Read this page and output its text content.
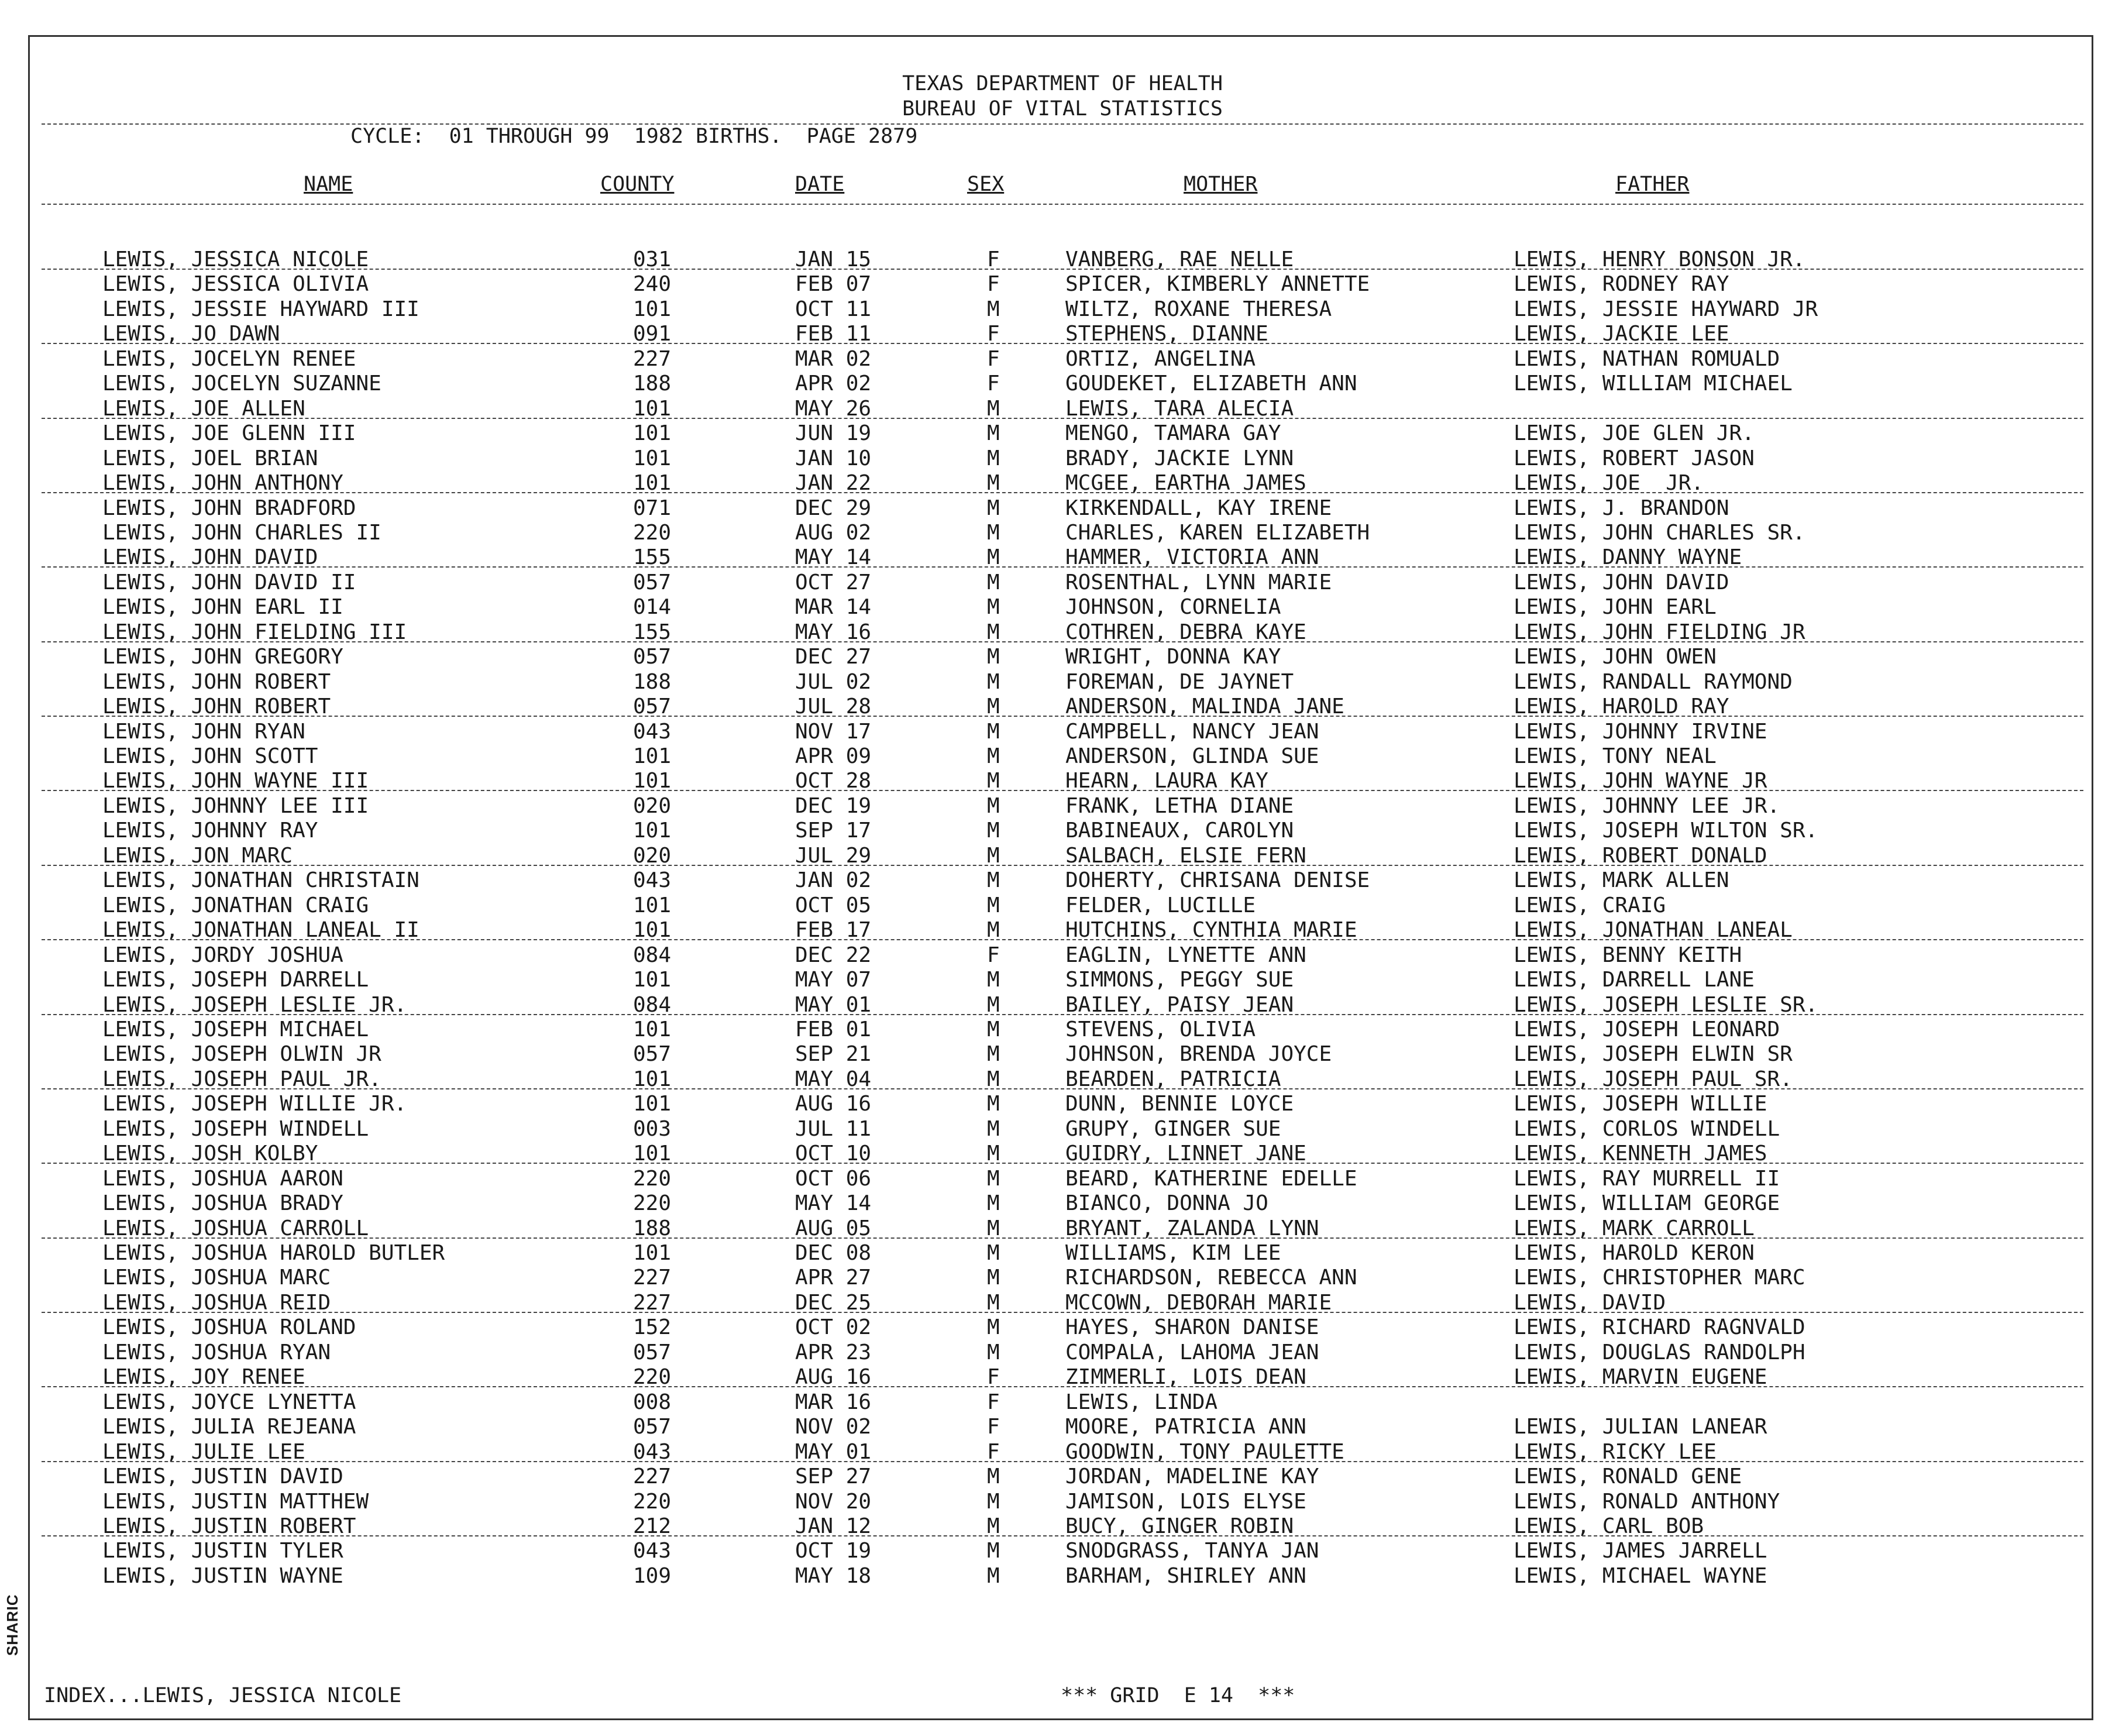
SHARIC
TEXAS DEPARTMENT OF HEALTH
BUREAU OF VITAL STATISTICS
CYCLE:  01 THROUGH 99  1982 BIRTHS.  PAGE 2879
NAME	COUNTY	DATE	SEX	MOTHER	FATHER
LEWIS, JESSICA NICOLE	031	JAN 15	F	VANBERG, RAE NELLE	LEWIS, HENRY BONSON JR.
LEWIS, JESSICA OLIVIA	240	FEB 07	F	SPICER, KIMBERLY ANNETTE	LEWIS, RODNEY RAY
LEWIS, JESSIE HAYWARD III	101	OCT 11	M	WILTZ, ROXANE THERESA	LEWIS, JESSIE HAYWARD JR
LEWIS, JO DAWN	091	FEB 11	F	STEPHENS, DIANNE	LEWIS, JACKIE LEE
LEWIS, JOCELYN RENEE	227	MAR 02	F	ORTIZ, ANGELINA	LEWIS, NATHAN ROMUALD
LEWIS, JOCELYN SUZANNE	188	APR 02	F	GOUDEKET, ELIZABETH ANN	LEWIS, WILLIAM MICHAEL
LEWIS, JOE ALLEN	101	MAY 26	M	LEWIS, TARA ALECIA
LEWIS, JOE GLENN III	101	JUN 19	M	MENGO, TAMARA GAY	LEWIS, JOE GLEN JR.
LEWIS, JOEL BRIAN	101	JAN 10	M	BRADY, JACKIE LYNN	LEWIS, ROBERT JASON
LEWIS, JOHN ANTHONY	101	JAN 22	M	MCGEE, EARTHA JAMES	LEWIS, JOE  JR.
LEWIS, JOHN BRADFORD	071	DEC 29	M	KIRKENDALL, KAY IRENE	LEWIS, J. BRANDON
LEWIS, JOHN CHARLES II	220	AUG 02	M	CHARLES, KAREN ELIZABETH	LEWIS, JOHN CHARLES SR.
LEWIS, JOHN DAVID	155	MAY 14	M	HAMMER, VICTORIA ANN	LEWIS, DANNY WAYNE
LEWIS, JOHN DAVID II	057	OCT 27	M	ROSENTHAL, LYNN MARIE	LEWIS, JOHN DAVID
LEWIS, JOHN EARL II	014	MAR 14	M	JOHNSON, CORNELIA	LEWIS, JOHN EARL
LEWIS, JOHN FIELDING III	155	MAY 16	M	COTHREN, DEBRA KAYE	LEWIS, JOHN FIELDING JR
LEWIS, JOHN GREGORY	057	DEC 27	M	WRIGHT, DONNA KAY	LEWIS, JOHN OWEN
LEWIS, JOHN ROBERT	188	JUL 02	M	FOREMAN, DE JAYNET	LEWIS, RANDALL RAYMOND
LEWIS, JOHN ROBERT	057	JUL 28	M	ANDERSON, MALINDA JANE	LEWIS, HAROLD RAY
LEWIS, JOHN RYAN	043	NOV 17	M	CAMPBELL, NANCY JEAN	LEWIS, JOHNNY IRVINE
LEWIS, JOHN SCOTT	101	APR 09	M	ANDERSON, GLINDA SUE	LEWIS, TONY NEAL
LEWIS, JOHN WAYNE III	101	OCT 28	M	HEARN, LAURA KAY	LEWIS, JOHN WAYNE JR
LEWIS, JOHNNY LEE III	020	DEC 19	M	FRANK, LETHA DIANE	LEWIS, JOHNNY LEE JR.
LEWIS, JOHNNY RAY	101	SEP 17	M	BABINEAUX, CAROLYN	LEWIS, JOSEPH WILTON SR.
LEWIS, JON MARC	020	JUL 29	M	SALBACH, ELSIE FERN	LEWIS, ROBERT DONALD
LEWIS, JONATHAN CHRISTAIN	043	JAN 02	M	DOHERTY, CHRISANA DENISE	LEWIS, MARK ALLEN
LEWIS, JONATHAN CRAIG	101	OCT 05	M	FELDER, LUCILLE	LEWIS, CRAIG
LEWIS, JONATHAN LANEAL II	101	FEB 17	M	HUTCHINS, CYNTHIA MARIE	LEWIS, JONATHAN LANEAL
LEWIS, JORDY JOSHUA	084	DEC 22	F	EAGLIN, LYNETTE ANN	LEWIS, BENNY KEITH
LEWIS, JOSEPH DARRELL	101	MAY 07	M	SIMMONS, PEGGY SUE	LEWIS, DARRELL LANE
LEWIS, JOSEPH LESLIE JR.	084	MAY 01	M	BAILEY, PAISY JEAN	LEWIS, JOSEPH LESLIE SR.
LEWIS, JOSEPH MICHAEL	101	FEB 01	M	STEVENS, OLIVIA	LEWIS, JOSEPH LEONARD
LEWIS, JOSEPH OLWIN JR	057	SEP 21	M	JOHNSON, BRENDA JOYCE	LEWIS, JOSEPH ELWIN SR
LEWIS, JOSEPH PAUL JR.	101	MAY 04	M	BEARDEN, PATRICIA	LEWIS, JOSEPH PAUL SR.
LEWIS, JOSEPH WILLIE JR.	101	AUG 16	M	DUNN, BENNIE LOYCE	LEWIS, JOSEPH WILLIE
LEWIS, JOSEPH WINDELL	003	JUL 11	M	GRUPY, GINGER SUE	LEWIS, CORLOS WINDELL
LEWIS, JOSH KOLBY	101	OCT 10	M	GUIDRY, LINNET JANE	LEWIS, KENNETH JAMES
LEWIS, JOSHUA AARON	220	OCT 06	M	BEARD, KATHERINE EDELLE	LEWIS, RAY MURRELL II
LEWIS, JOSHUA BRADY	220	MAY 14	M	BIANCO, DONNA JO	LEWIS, WILLIAM GEORGE
LEWIS, JOSHUA CARROLL	188	AUG 05	M	BRYANT, ZALANDA LYNN	LEWIS, MARK CARROLL
LEWIS, JOSHUA HAROLD BUTLER	101	DEC 08	M	WILLIAMS, KIM LEE	LEWIS, HAROLD KERON
LEWIS, JOSHUA MARC	227	APR 27	M	RICHARDSON, REBECCA ANN	LEWIS, CHRISTOPHER MARC
LEWIS, JOSHUA REID	227	DEC 25	M	MCCOWN, DEBORAH MARIE	LEWIS, DAVID
LEWIS, JOSHUA ROLAND	152	OCT 02	M	HAYES, SHARON DANISE	LEWIS, RICHARD RAGNVALD
LEWIS, JOSHUA RYAN	057	APR 23	M	COMPALA, LAHOMA JEAN	LEWIS, DOUGLAS RANDOLPH
LEWIS, JOY RENEE	220	AUG 16	F	ZIMMERLI, LOIS DEAN	LEWIS, MARVIN EUGENE
LEWIS, JOYCE LYNETTA	008	MAR 16	F	LEWIS, LINDA
LEWIS, JULIA REJEANA	057	NOV 02	F	MOORE, PATRICIA ANN	LEWIS, JULIAN LANEAR
LEWIS, JULIE LEE	043	MAY 01	F	GOODWIN, TONY PAULETTE	LEWIS, RICKY LEE
LEWIS, JUSTIN DAVID	227	SEP 27	M	JORDAN, MADELINE KAY	LEWIS, RONALD GENE
LEWIS, JUSTIN MATTHEW	220	NOV 20	M	JAMISON, LOIS ELYSE	LEWIS, RONALD ANTHONY
LEWIS, JUSTIN ROBERT	212	JAN 12	M	BUCY, GINGER ROBIN	LEWIS, CARL BOB
LEWIS, JUSTIN TYLER	043	OCT 19	M	SNODGRASS, TANYA JAN	LEWIS, JAMES JARRELL
LEWIS, JUSTIN WAYNE	109	MAY 18	M	BARHAM, SHIRLEY ANN	LEWIS, MICHAEL WAYNE
INDEX...LEWIS, JESSICA NICOLE	*** GRID  E 14  ***
